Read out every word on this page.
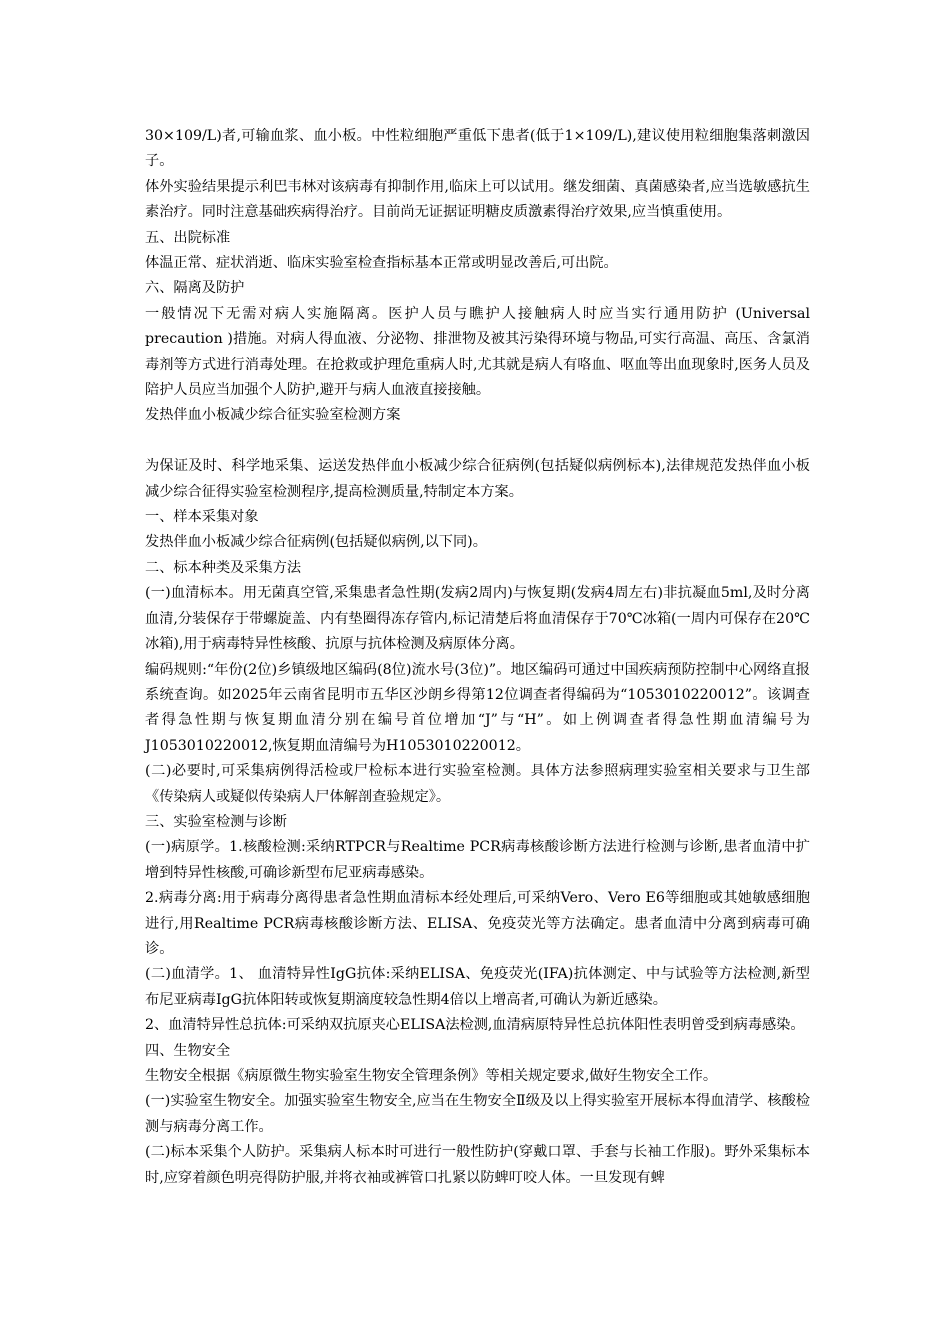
30×109/L)者,可输血浆、血小板。中性粒细胞严重低下患者(低于1×109/L),建议使用粒细胞集落刺激因子。

体外实验结果提示利巴韦林对该病毒有抑制作用,临床上可以试用。继发细菌、真菌感染者,应当选敏感抗生素治疗。同时注意基础疾病得治疗。目前尚无证据证明糖皮质激素得治疗效果,应当慎重使用。

五、出院标准

体温正常、症状消逝、临床实验室检查指标基本正常或明显改善后,可出院。

六、隔离及防护

一般情况下无需对病人实施隔离。医护人员与瞧护人接触病人时应当实行通用防护 (Universal precaution )措施。对病人得血液、分泌物、排泄物及被其污染得环境与物品,可实行高温、高压、含氯消毒剂等方式进行消毒处理。在抢救或护理危重病人时,尤其就是病人有咯血、呕血等出血现象时,医务人员及陪护人员应当加强个人防护,避开与病人血液直接接触。

发热伴血小板减少综合征实验室检测方案

为保证及时、科学地采集、运送发热伴血小板减少综合征病例(包括疑似病例标本),法律规范发热伴血小板减少综合征得实验室检测程序,提高检测质量,特制定本方案。

一、样本采集对象

发热伴血小板减少综合征病例(包括疑似病例,以下同)。

二、标本种类及采集方法

(一)血清标本。用无菌真空管,采集患者急性期(发病2周内)与恢复期(发病4周左右)非抗凝血5ml,及时分离血清,分装保存于带螺旋盖、内有垫圈得冻存管内,标记清楚后将血清保存于70℃冰箱(一周内可保存在20℃冰箱),用于病毒特异性核酸、抗原与抗体检测及病原体分离。

编码规则:“年份(2位)乡镇级地区编码(8位)流水号(3位)”。地区编码可通过中国疾病预防控制中心网络直报系统查询。如2025年云南省昆明市五华区沙朗乡得第12位调查者得编码为“1053010220012”。该调查者得急性期与恢复期血清分别在编号首位增加“J”与“H”。如上例调查者得急性期血清编号为J1053010220012,恢复期血清编号为H1053010220012。

(二)必要时,可采集病例得活检或尸检标本进行实验室检测。具体方法参照病理实验室相关要求与卫生部《传染病人或疑似传染病人尸体解剖查验规定》。

三、实验室检测与诊断

(一)病原学。1.核酸检测:采纳RTPCR与Realtime PCR病毒核酸诊断方法进行检测与诊断,患者血清中扩增到特异性核酸,可确诊新型布尼亚病毒感染。

2.病毒分离:用于病毒分离得患者急性期血清标本经处理后,可采纳Vero、Vero E6等细胞或其她敏感细胞进行,用Realtime PCR病毒核酸诊断方法、ELISA、免疫荧光等方法确定。患者血清中分离到病毒可确诊。

(二)血清学。1、 血清特异性IgG抗体:采纳ELISA、免疫荧光(IFA)抗体测定、中与试验等方法检测,新型布尼亚病毒IgG抗体阳转或恢复期滴度较急性期4倍以上增高者,可确认为新近感染。

2、血清特异性总抗体:可采纳双抗原夹心ELISA法检测,血清病原特异性总抗体阳性表明曾受到病毒感染。

四、生物安全

生物安全根据《病原微生物实验室生物安全管理条例》等相关规定要求,做好生物安全工作。

(一)实验室生物安全。加强实验室生物安全,应当在生物安全Ⅱ级及以上得实验室开展标本得血清学、核酸检测与病毒分离工作。

(二)标本采集个人防护。采集病人标本时可进行一般性防护(穿戴口罩、手套与长袖工作服)。野外采集标本时,应穿着颜色明亮得防护服,并将衣袖或裤管口扎紧以防蜱叮咬人体。一旦发现有蜱
